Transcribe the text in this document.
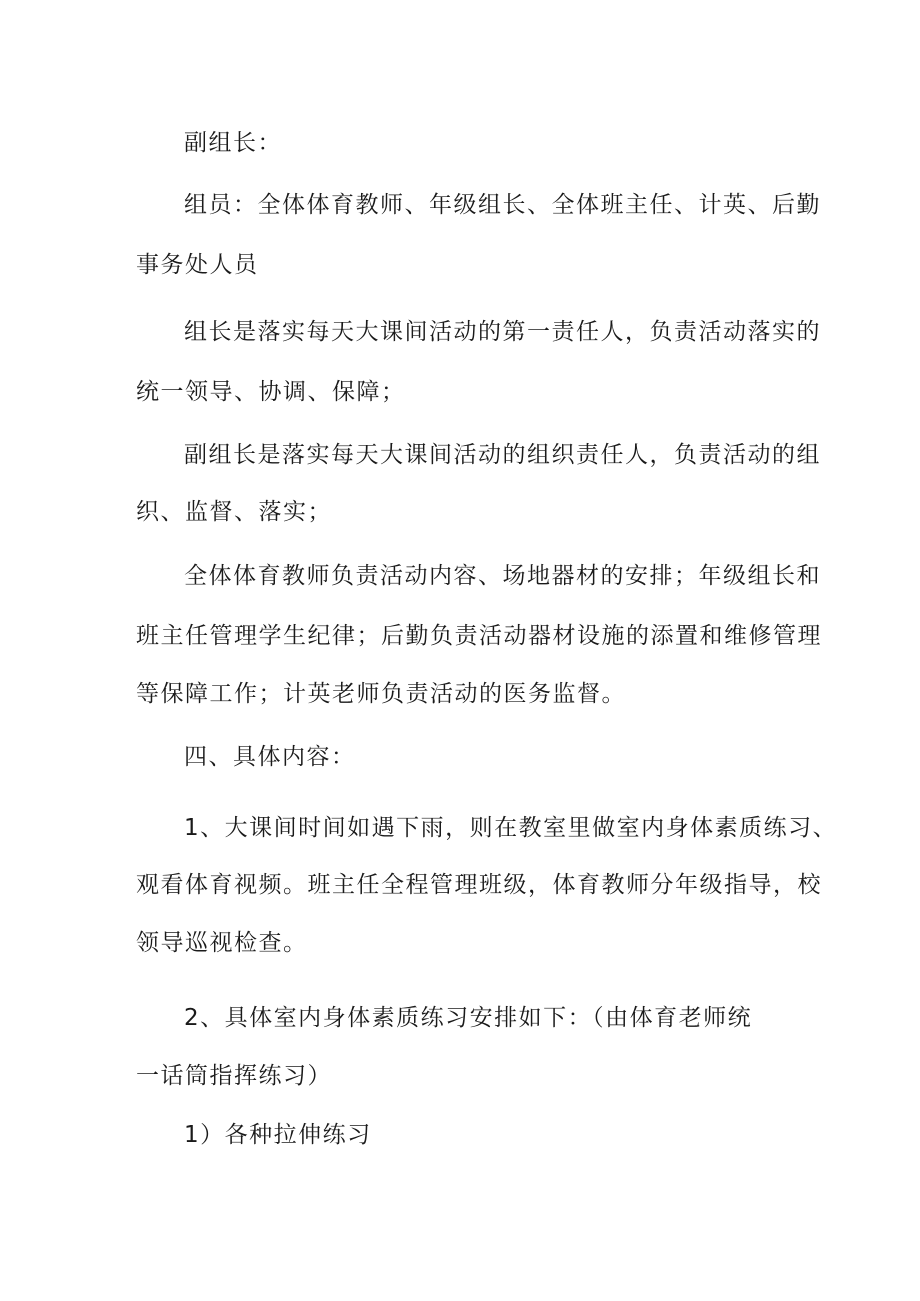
副组长：
组员：全体体育教师、年级组长、全体班主任、计英、后勤
事务处人员
组长是落实每天大课间活动的第一责任人，负责活动落实的
统一领导、协调、保障；
副组长是落实每天大课间活动的组织责任人，负责活动的组
织、监督、落实；
全体体育教师负责活动内容、场地器材的安排；年级组长和
班主任管理学生纪律；后勤负责活动器材设施的添置和维修管理
等保障工作；计英老师负责活动的医务监督。
四、具体内容：
1、大课间时间如遇下雨，则在教室里做室内身体素质练习、
观看体育视频。班主任全程管理班级，体育教师分年级指导，校
领导巡视检查。
2、具体室内身体素质练习安排如下：（由体育老师统
一话筒指挥练习）
1）各种拉伸练习
